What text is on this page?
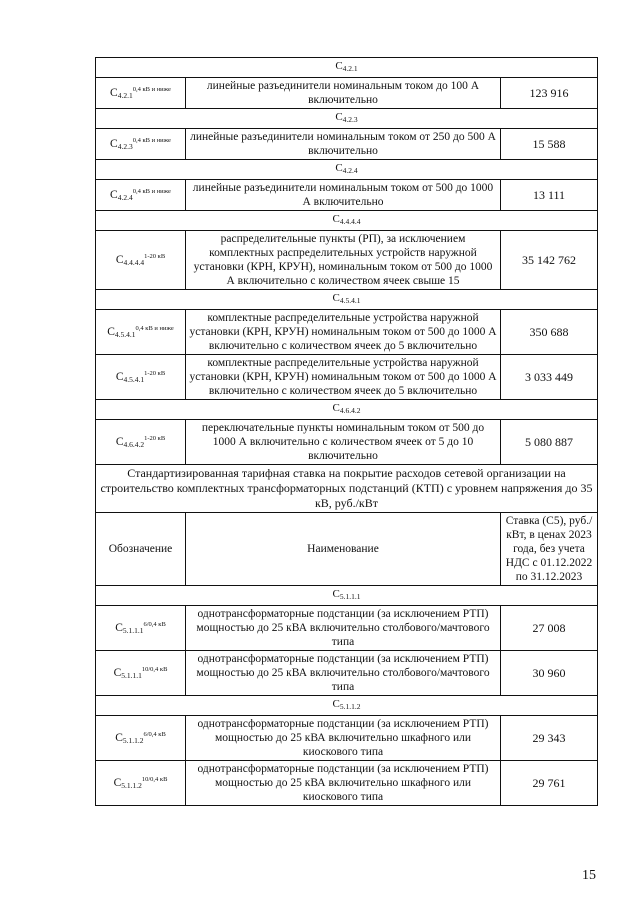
$C_{4.2.1}$
$C_{4.2.1}^{0,4 кВ и ниже}$	линейные разъединители номинальным током до 100 А включительно	123 916
$C_{4.2.3}$
$C_{4.2.3}^{0,4 кВ и ниже}$	линейные разъединители номинальным током от 250 до 500 А включительно	15 588
$C_{4.2.4}$
$C_{4.2.4}^{0,4 кВ и ниже}$	линейные разъединители номинальным током от 500 до 1000 А включительно	13 111
$C_{4.4.4.4}$
$C_{4.4.4.4}^{1-20 кВ}$	распределительные пункты (РП), за исключением комплектных распределительных устройств наружной установки (КРН, КРУН), номинальным током от 500 до 1000 А включительно с количеством ячеек свыше 15	35 142 762
$C_{4.5.4.1}$
$C_{4.5.4.1}^{0,4 кВ и ниже}$	комплектные распределительные устройства наружной установки (КРН, КРУН) номинальным током от 500 до 1000 А включительно с количеством ячеек до 5 включительно	350 688
$C_{4.5.4.1}^{1-20 кВ}$	комплектные распределительные устройства наружной установки (КРН, КРУН) номинальным током от 500 до 1000 А включительно с количеством ячеек до 5 включительно	3 033 449
$C_{4.6.4.2}$
$C_{4.6.4.2}^{1-20 кВ}$	переключательные пункты номинальным током от 500 до 1000 А включительно с количеством ячеек от 5 до 10 включительно	5 080 887
Стандартизированная тарифная ставка на покрытие расходов сетевой организации на строительство комплектных трансформаторных подстанций (КТП) с уровнем напряжения до 35 кВ, руб./кВт		
Обозначение	Наименование	Ставка (С5), руб./кВт, в ценах 2023 года, без учета НДС с 01.12.2022 по 31.12.2023
$C_{5.1.1.1}$
$C_{5.1.1.1}^{6/0,4 кВ}$	однотрансформаторные подстанции (за исключением РТП) мощностью до 25 кВА включительно столбового/мачтового типа	27 008
$C_{5.1.1.1}^{10/0,4 кВ}$	однотрансформаторные подстанции (за исключением РТП) мощностью до 25 кВА включительно столбового/мачтового типа	30 960
$C_{5.1.1.2}$
$C_{5.1.1.2}^{6/0,4 кВ}$	однотрансформаторные подстанции (за исключением РТП) мощностью до 25 кВА включительно шкафного или киоскового типа	29 343
$C_{5.1.1.2}^{10/0,4 кВ}$	однотрансформаторные подстанции (за исключением РТП) мощностью до 25 кВА включительно шкафного или киоскового типа	29 761
15
